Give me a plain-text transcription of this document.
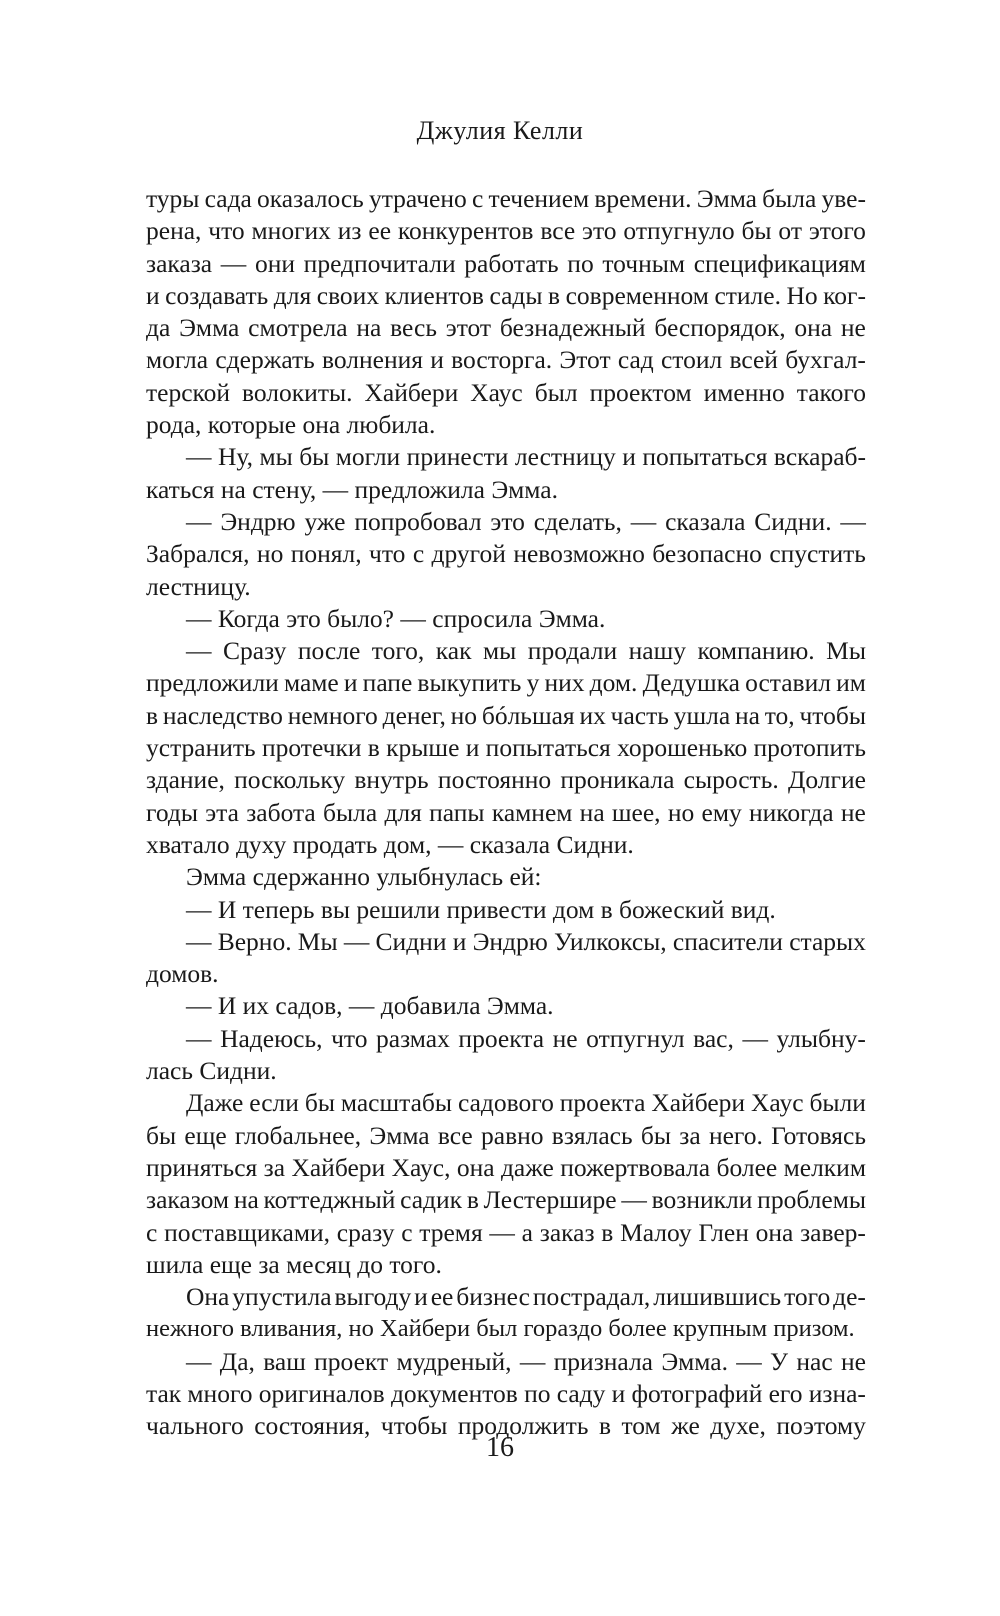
Джулия Келли
туры сада оказалось утрачено с течением времени. Эмма была уве-
рена, что многих из ее конкурентов все это отпугнуло бы от этого
заказа — они предпочитали работать по точным спецификациям
и создавать для своих клиентов сады в современном стиле. Но ког-
да Эмма смотрела на весь этот безнадежный беспорядок, она не
могла сдержать волнения и восторга. Этот сад стоил всей бухгал-
терской волокиты. Хайбери Хаус был проектом именно такого
рода, которые она любила.
— Ну, мы бы могли принести лестницу и попытаться вскараб-
каться на стену, — предложила Эмма.
— Эндрю уже попробовал это сделать, — сказала Сидни. —
Забрался, но понял, что с другой невозможно безопасно спустить
лестницу.
— Когда это было? — спросила Эмма.
— Сразу после того, как мы продали нашу компанию. Мы
предложили маме и папе выкупить у них дом. Дедушка оставил им
в наследство немного денег, но бóльшая их часть ушла на то, чтобы
устранить протечки в крыше и попытаться хорошенько протопить
здание, поскольку внутрь постоянно проникала сырость. Долгие
годы эта забота была для папы камнем на шее, но ему никогда не
хватало духу продать дом, — сказала Сидни.
Эмма сдержанно улыбнулась ей:
— И теперь вы решили привести дом в божеский вид.
— Верно. Мы — Сидни и Эндрю Уилкоксы, спасители старых
домов.
— И их садов, — добавила Эмма.
— Надеюсь, что размах проекта не отпугнул вас, — улыбну-
лась Сидни.
Даже если бы масштабы садового проекта Хайбери Хаус были
бы еще глобальнее, Эмма все равно взялась бы за него. Готовясь
приняться за Хайбери Хаус, она даже пожертвовала более мелким
заказом на коттеджный садик в Лестершире — возникли проблемы
с поставщиками, сразу с тремя — а заказ в Малоу Глен она завер-
шила еще за месяц до того.
Она упустила выгоду и ее бизнес пострадал, лишившись того де-
нежного вливания, но Хайбери был гораздо более крупным призом.
— Да, ваш проект мудреный, — признала Эмма. — У нас не
так много оригиналов документов по саду и фотографий его изна-
чального состояния, чтобы продолжить в том же духе, поэтому
16
